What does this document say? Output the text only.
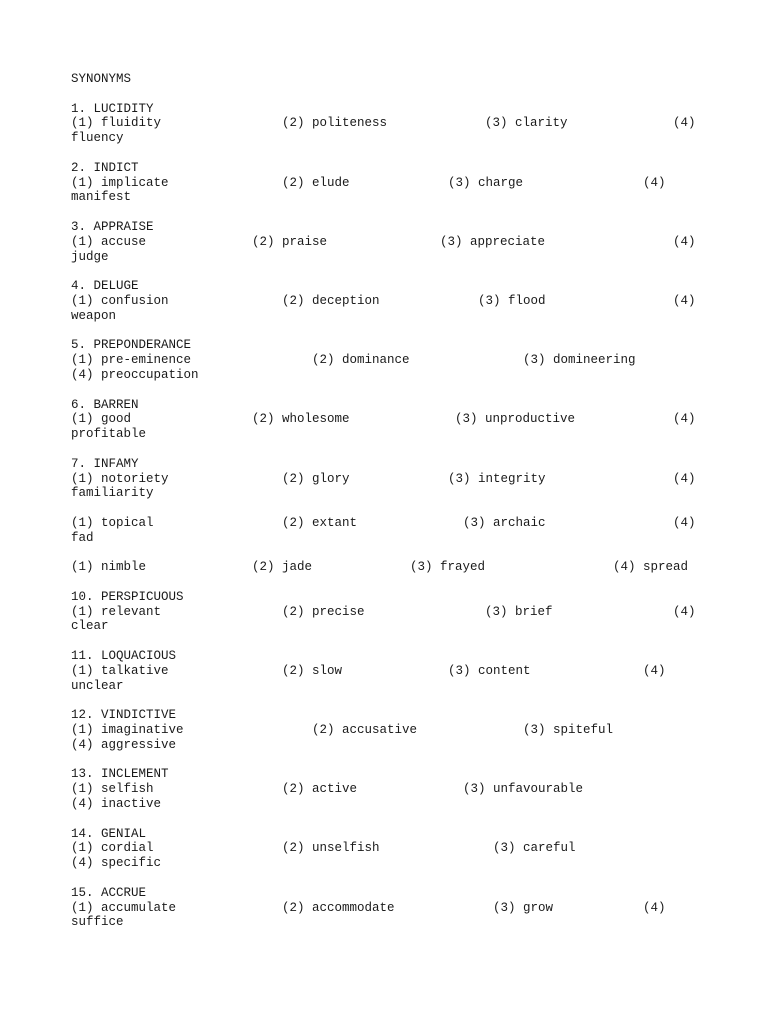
SYNONYMS
1. LUCIDITY

(1) fluidity

	(2) politeness

	(3) clarity

	(4)

fluency
2. INDICT

(1) implicate

	(2) elude

	(3) charge

	(4)

manifest
3. APPRAISE

(1) accuse

	(2) praise

	(3) appreciate

	(4)

judge
4. DELUGE

(1) confusion

	(2) deception

	(3) flood

	(4)

weapon
5. PREPONDERANCE

(1) pre-eminence

	(2) dominance

	(3) domineering

(4) preoccupation
6. BARREN

(1) good

	(2) wholesome

	(3) unproductive

	(4)

profitable
7. INFAMY

(1) notoriety

	(2) glory

	(3) integrity

	(4)

familiarity

(1) topical

	(2) extant

	(3) archaic

	(4)

fad

(1) nimble

	(2) jade

	(3) frayed

	(4) spread

10. PERSPICUOUS

(1) relevant

	(2) precise

	(3) brief

	(4)

clear
11. LOQUACIOUS

(1) talkative

	(2) slow

	(3) content

	(4)

unclear
12. VINDICTIVE

(1) imaginative

	(2) accusative

	(3) spiteful

(4) aggressive
13. INCLEMENT

(1) selfish

	(2) active

	(3) unfavourable

(4) inactive
14. GENIAL

(1) cordial

	(2) unselfish

	(3) careful

(4) specific
15. ACCRUE

(1) accumulate

	(2) accommodate

	(3) grow

	(4)

suffice
